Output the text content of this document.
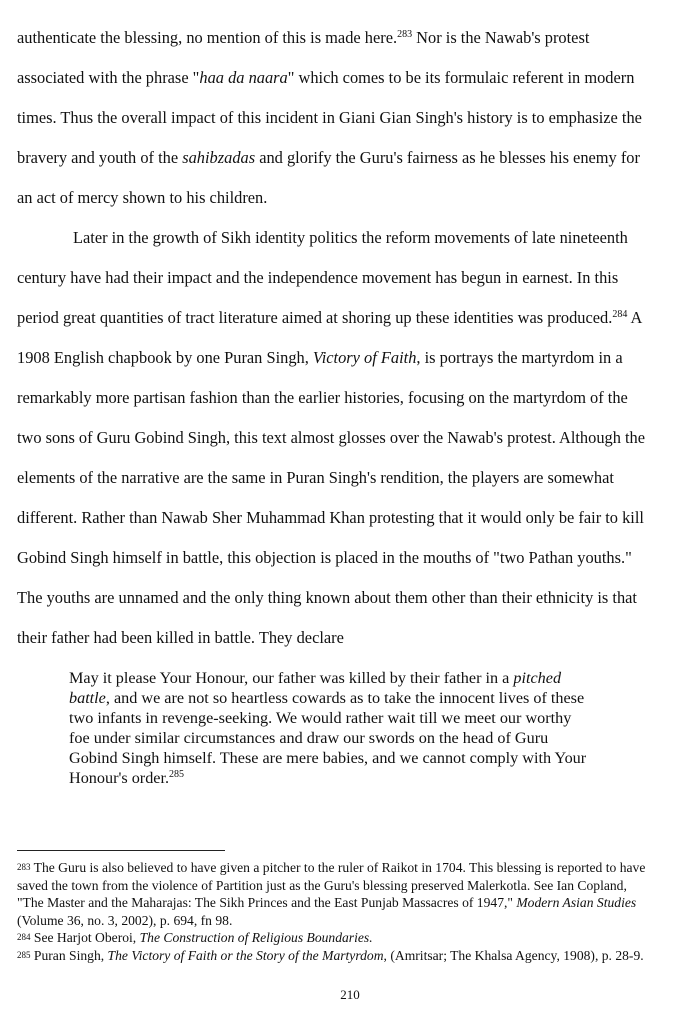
authenticate the blessing, no mention of this is made here.$^{283}$ Nor is the Nawab's protest
associated with the phrase "haa da naara" which comes to be its formulaic referent in modern
times. Thus the overall impact of this incident in Giani Gian Singh's history is to emphasize the
bravery and youth of the sahibzadas and glorify the Guru's fairness as he blesses his enemy for
an act of mercy shown to his children.
Later in the growth of Sikh identity politics the reform movements of late nineteenth
century have had their impact and the independence movement has begun in earnest. In this
period great quantities of tract literature aimed at shoring up these identities was produced.$^{284}$ A
1908 English chapbook by one Puran Singh, Victory of Faith, is portrays the martyrdom in a
remarkably more partisan fashion than the earlier histories, focusing on the martyrdom of the
two sons of Guru Gobind Singh, this text almost glosses over the Nawab's protest. Although the
elements of the narrative are the same in Puran Singh's rendition, the players are somewhat
different. Rather than Nawab Sher Muhammad Khan protesting that it would only be fair to kill
Gobind Singh himself in battle, this objection is placed in the mouths of "two Pathan youths."
The youths are unnamed and the only thing known about them other than their ethnicity is that
their father had been killed in battle. They declare
May it please Your Honour, our father was killed by their father in a pitched
battle, and we are not so heartless cowards as to take the innocent lives of these
two infants in revenge-seeking. We would rather wait till we meet our worthy
foe under similar circumstances and draw our swords on the head of Guru
Gobind Singh himself. These are mere babies, and we cannot comply with Your
Honour's order.$^{285}$
283 The Guru is also believed to have given a pitcher to the ruler of Raikot in 1704. This blessing is reported to have
saved the town from the violence of Partition just as the Guru's blessing preserved Malerkotla. See Ian Copland,
"The Master and the Maharajas: The Sikh Princes and the East Punjab Massacres of 1947," Modern Asian Studies
(Volume 36, no. 3, 2002), p. 694, fn 98.
284 See Harjot Oberoi, The Construction of Religious Boundaries.
285 Puran Singh, The Victory of Faith or the Story of the Martyrdom, (Amritsar; The Khalsa Agency, 1908), p. 28-9.
210
